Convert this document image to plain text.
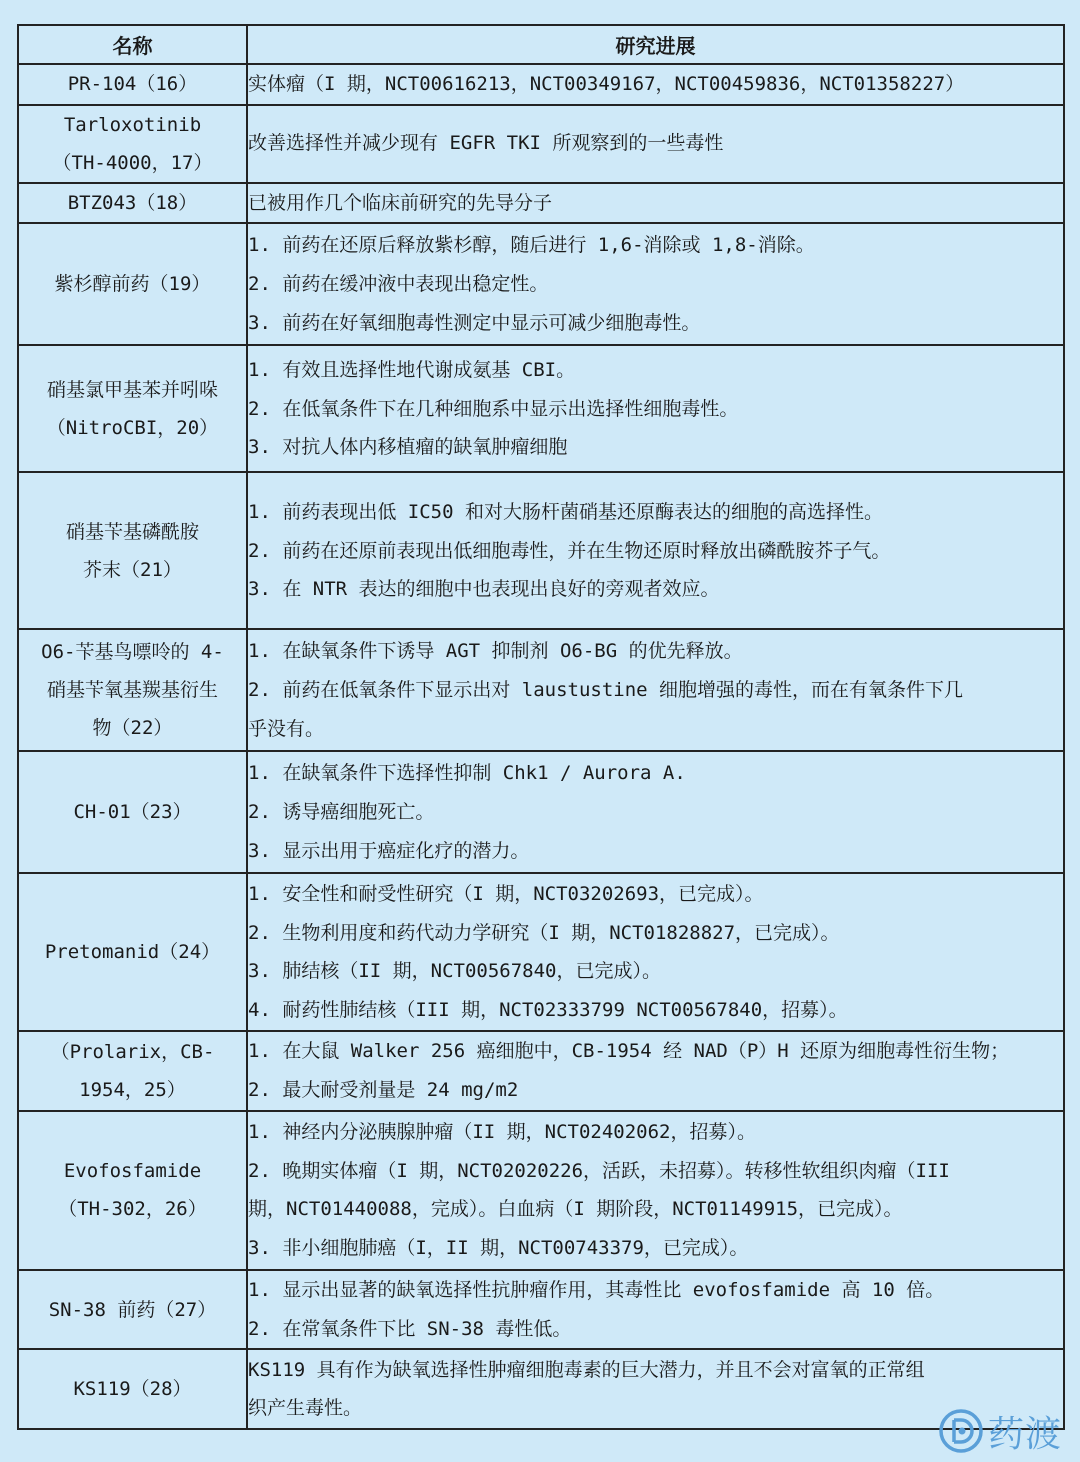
名称	研究进展

PR-104（16）	实体瘤（I 期，NCT00616213，NCT00349167，NCT00459836，NCT01358227）

Tarloxotinib
（TH-4000，17）	改善选择性并减少现有 EGFR TKI 所观察到的一些毒性

BTZ043（18）	已被用作几个临床前研究的先导分子

紫杉醇前药（19）	1. 前药在还原后释放紫杉醇，随后进行 1,6-消除或 1,8-消除。
2. 前药在缓冲液中表现出稳定性。
3. 前药在好氧细胞毒性测定中显示可减少细胞毒性。

硝基氯甲基苯并吲哚
（NitroCBI，20）	1. 有效且选择性地代谢成氨基 CBI。
2. 在低氧条件下在几种细胞系中显示出选择性细胞毒性。
3. 对抗人体内移植瘤的缺氧肿瘤细胞

硝基苄基磷酰胺
芥末（21）	1. 前药表现出低 IC50 和对大肠杆菌硝基还原酶表达的细胞的高选择性。
2. 前药在还原前表现出低细胞毒性，并在生物还原时释放出磷酰胺芥子气。
3. 在 NTR 表达的细胞中也表现出良好的旁观者效应。

O6-苄基鸟嘌呤的 4-
硝基苄氧基羰基衍生
物（22）	1. 在缺氧条件下诱导 AGT 抑制剂 O6-BG 的优先释放。
2. 前药在低氧条件下显示出对 laustustine 细胞增强的毒性，而在有氧条件下几
乎没有。

CH-01（23）	1. 在缺氧条件下选择性抑制 Chk1 / Aurora A.
2. 诱导癌细胞死亡。
3. 显示出用于癌症化疗的潜力。

Pretomanid（24）	1. 安全性和耐受性研究（I 期，NCT03202693，已完成）。
2. 生物利用度和药代动力学研究（I 期，NCT01828827，已完成）。
3. 肺结核（II 期，NCT00567840，已完成）。
4. 耐药性肺结核（III 期，NCT02333799 NCT00567840，招募）。

（Prolarix，CB-
1954，25）	1. 在大鼠 Walker 256 癌细胞中，CB-1954 经 NAD（P）H 还原为细胞毒性衍生物；
2. 最大耐受剂量是 24 mg/m2

Evofosfamide
（TH-302，26）	1. 神经内分泌胰腺肿瘤（II 期，NCT02402062，招募）。
2. 晚期实体瘤（I 期，NCT02020226，活跃，未招募）。转移性软组织肉瘤（III
期，NCT01440088，完成）。白血病（I 期阶段，NCT01149915，已完成）。
3. 非小细胞肺癌（I，II 期，NCT00743379，已完成）。

SN-38 前药（27）	1. 显示出显著的缺氧选择性抗肿瘤作用，其毒性比 evofosfamide 高 10 倍。
2. 在常氧条件下比 SN-38 毒性低。

KS119（28）	KS119 具有作为缺氧选择性肿瘤细胞毒素的巨大潜力，并且不会对富氧的正常组
织产生毒性。
药渡
